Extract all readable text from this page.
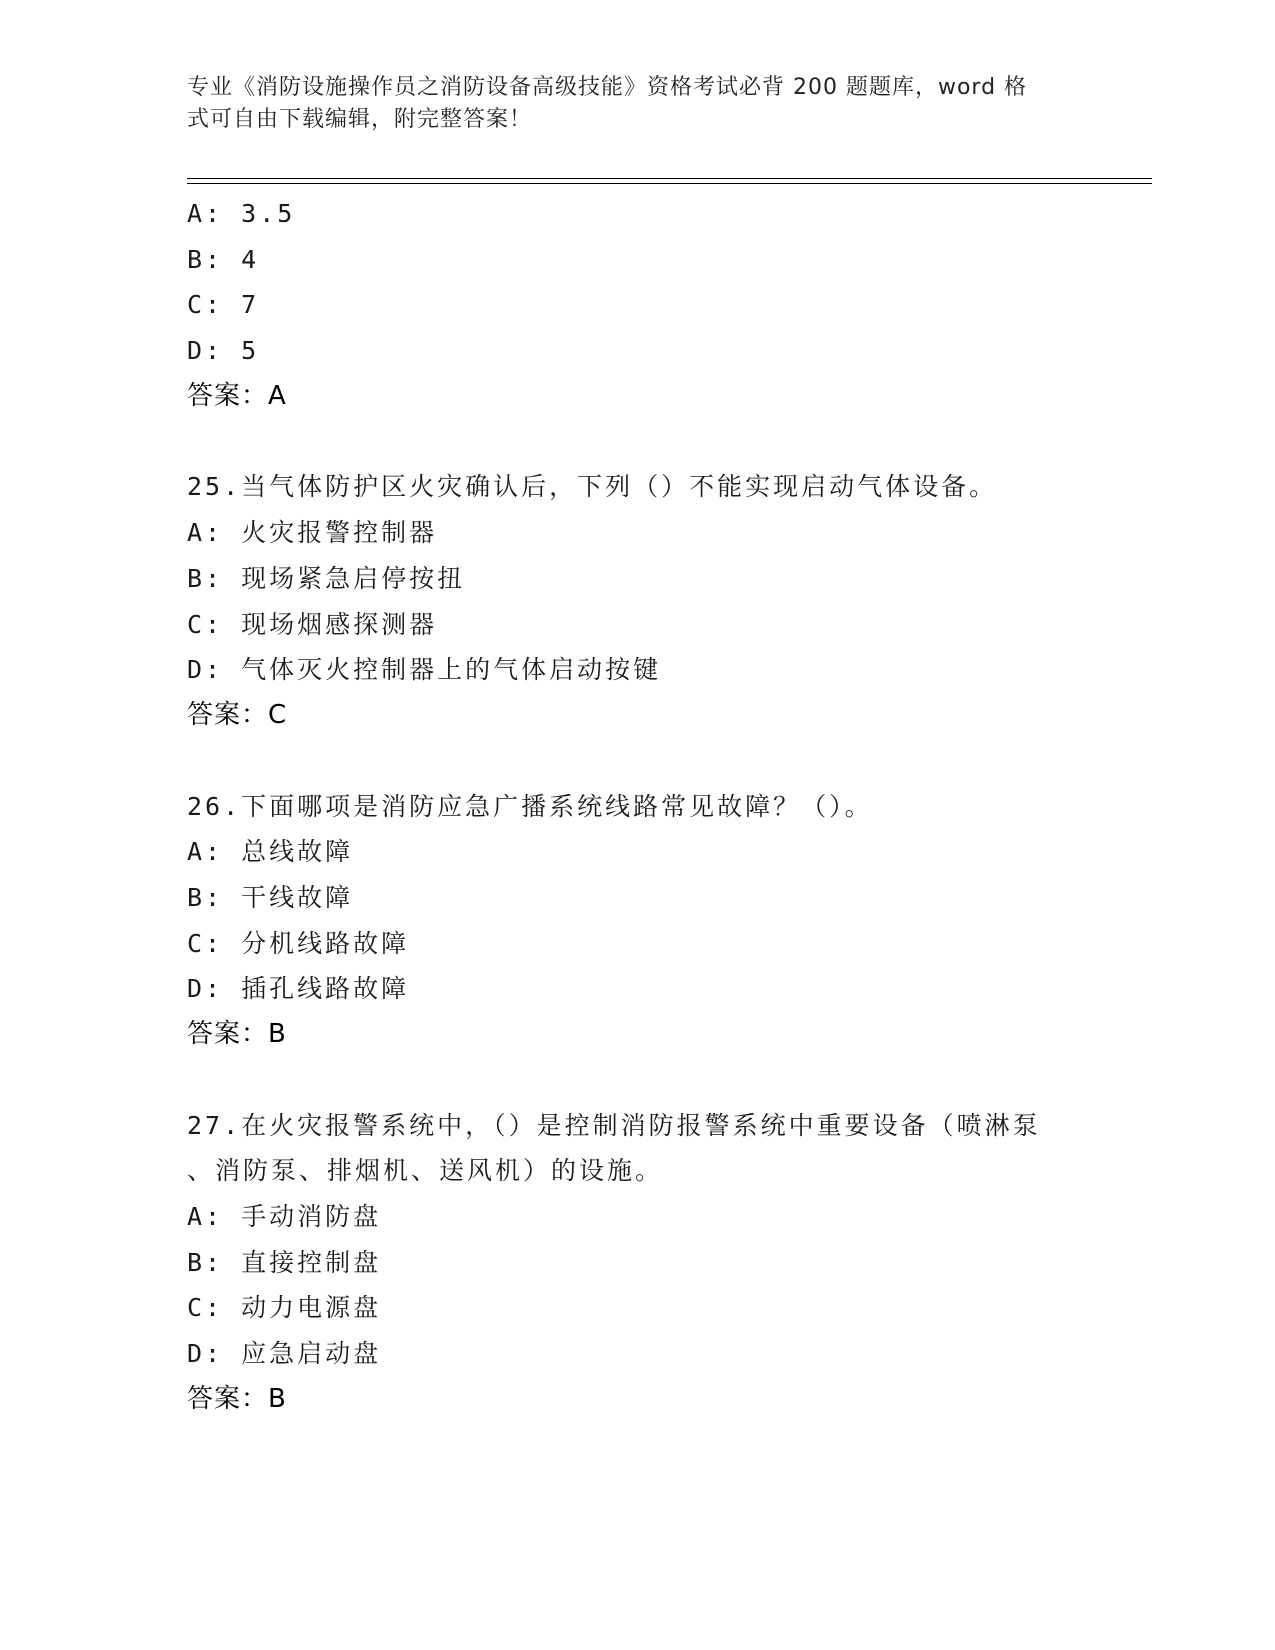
专业《消防设施操作员之消防设备高级技能》资格考试必背 200 题题库，word 格
式可自由下载编辑，附完整答案！
A: 3.5
B: 4
C: 7
D: 5
答案：A
25.当气体防护区火灾确认后，下列（）不能实现启动气体设备。
A: 火灾报警控制器
B: 现场紧急启停按扭
C: 现场烟感探测器
D: 气体灭火控制器上的气体启动按键
答案：C
26.下面哪项是消防应急广播系统线路常见故障？（）。
A: 总线故障
B: 干线故障
C: 分机线路故障
D: 插孔线路故障
答案：B
27.在火灾报警系统中，（）是控制消防报警系统中重要设备（喷淋泵
、消防泵、排烟机、送风机）的设施。
A: 手动消防盘
B: 直接控制盘
C: 动力电源盘
D: 应急启动盘
答案：B
